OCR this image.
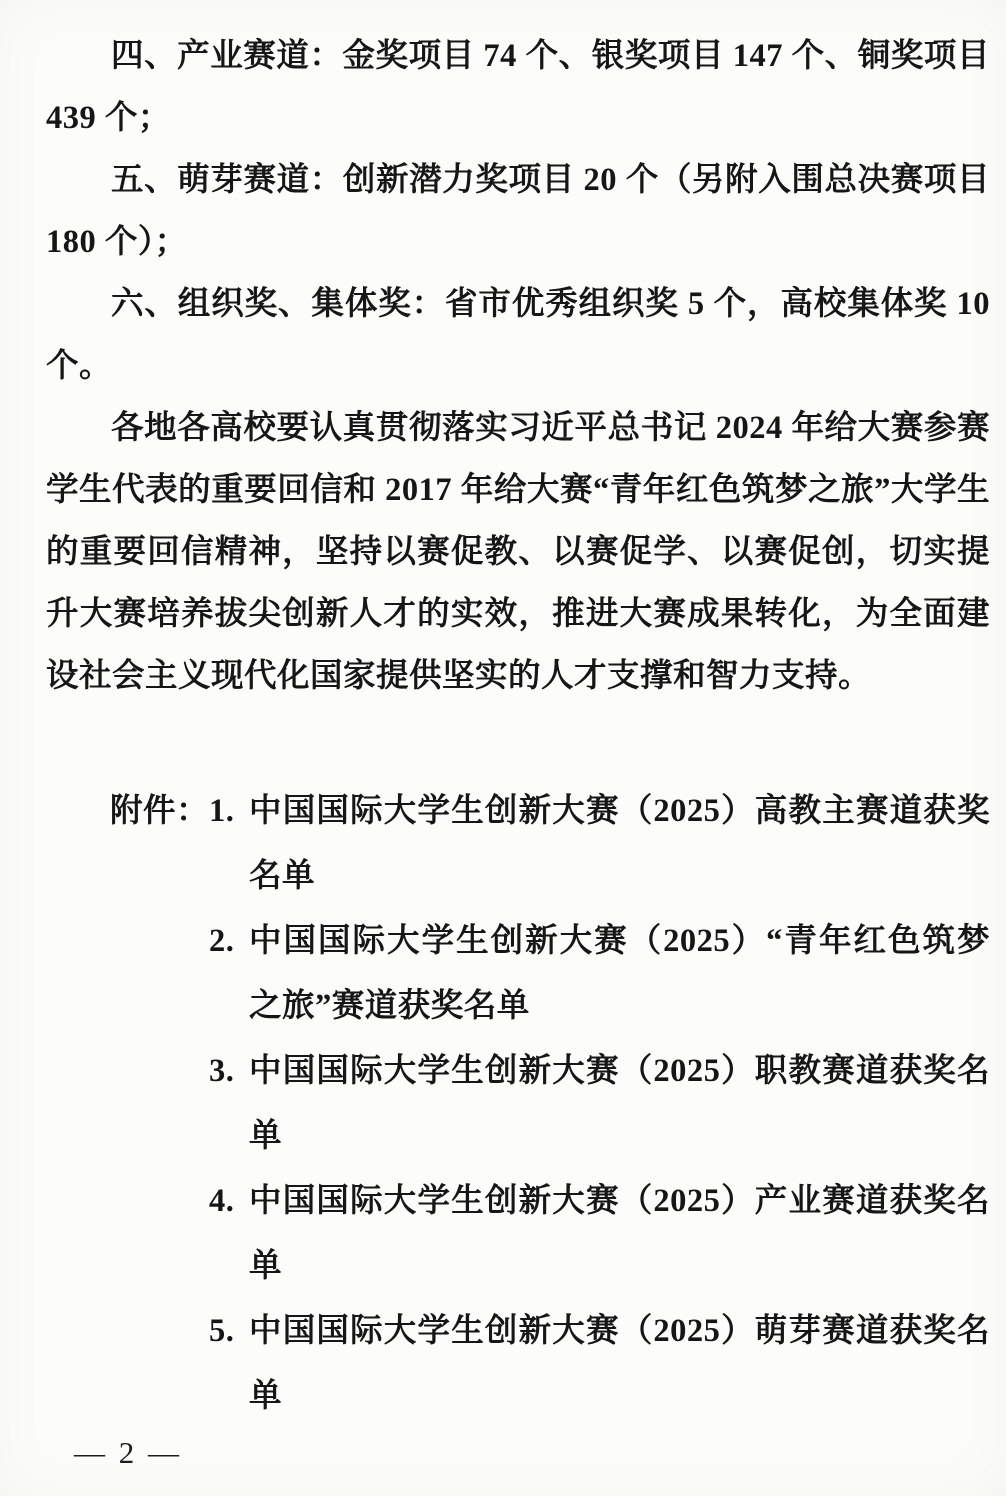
四、产业赛道：金奖项目 74 个、银奖项目 147 个、铜奖项目 439 个；

五、萌芽赛道：创新潜力奖项目 20 个（另附入围总决赛项目 180 个）；

六、组织奖、集体奖：省市优秀组织奖 5 个，高校集体奖 10 个。

各地各高校要认真贯彻落实习近平总书记 2024 年给大赛参赛学生代表的重要回信和 2017 年给大赛“青年红色筑梦之旅”大学生的重要回信精神，坚持以赛促教、以赛促学、以赛促创，切实提升大赛培养拔尖创新人才的实效，推进大赛成果转化，为全面建设社会主义现代化国家提供坚实的人才支撑和智力支持。

附件： 1. 中国国际大学生创新大赛（2025）高教主赛道获奖名单
2. 中国国际大学生创新大赛（2025）“青年红色筑梦之旅”赛道获奖名单
3. 中国国际大学生创新大赛（2025）职教赛道获奖名单
4. 中国国际大学生创新大赛（2025）产业赛道获奖名单
5. 中国国际大学生创新大赛（2025）萌芽赛道获奖名单
— 2 —
